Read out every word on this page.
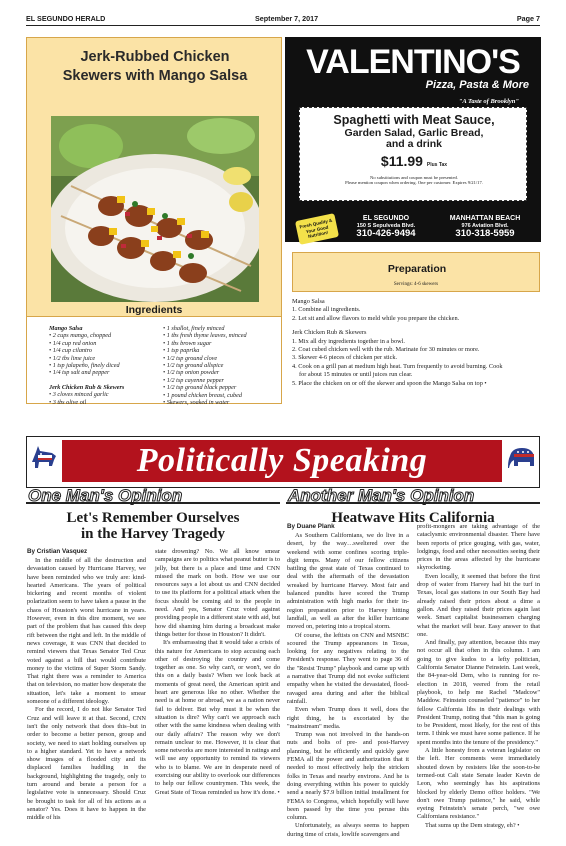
EL SEGUNDO HERALD	September 7, 2017	Page 7
Jerk-Rubbed Chicken
Skewers with Mango Salsa
Ingredients
Mango Salsa
• 2 cups mango, chopped
• 1/4 cup red onion
• 1/4 cup cilantro
• 1/2 tbs lime juice
• 1 tsp jalapeño, finely diced
• 1/4 tsp salt and pepper
Jerk Chicken Rub & Skewers
• 3 cloves minced garlic
• 3 tbs olive oil
• 1 shallot, finely minced
• 1 tbs fresh thyme leaves, minced
• 1 tbs brown sugar
• 1 tsp paprika
• 1/2 tsp ground clove
• 1/2 tsp ground allspice
• 1/2 tsp onion powder
• 1/2 tsp cayenne pepper
• 1/2 tsp ground black pepper
• 1 pound chicken breast, cubed
• Skewers, soaked in water
VALENTINO'S
Pizza, Pasta & More
"A Taste of Brooklyn"
Spaghetti with Meat Sauce,
Garden Salad, Garlic Bread,
and a drink
$11.99 Plus Tax
No substitutions and coupon must be presented.
Please mention coupon when ordering. One per customer. Expires 9/21/17.
Fresh Quality & Your Good Nutrition!
EL SEGUNDO
150 S Sepulveda Blvd.
310-426-9494
MANHATTAN BEACH
976 Aviation Blvd.
310-318-5959
Preparation
Servings: 4-6 skewers
Mango Salsa
1. Combine all ingredients.
2. Let sit and allow flavors to meld while you prepare the chicken.
Jerk Chicken Rub & Skewers
1. Mix all dry ingredients together in a bowl.
2. Coat cubed chicken well with the rub. Marinate for 30 minutes or more.
3. Skewer 4-6 pieces of chicken per stick.
4. Cook on a grill pan at medium high heat. Turn frequently to avoid burning. Cook
for about 15 minutes or until juices run clear.
5. Place the chicken on or off the skewer and spoon the Mango Salsa on top •
Politically Speaking
One Man's Opinion	Another Man's Opinion
Let's Remember Ourselves
in the Harvey Tragedy
By Cristian Vasquez

In the middle of all the destruction and devastation caused by Hurricane Harvey, we have been reminded who we truly are: kind-hearted Americans. The years of political bickering and recent months of violent polarization seem to have taken a pause in the chaos of Houston's worst hurricane in years. However, even in this dire moment, we see part of the problem that has caused this deep rift between the right and left. In the middle of news coverage, it was CNN that decided to remind viewers that Texas Senator Ted Cruz voted against a bill that would contribute money to the victims of Super Storm Sandy. That right there was a reminder to America that on television, no matter how desperate the situation, let's take a moment to smear someone of a different ideology.

For the record, I do not like Senator Ted Cruz and will leave it at that. Second, CNN isn't the only network that does this–but in order to become a better person, group and society, we need to start holding ourselves up to a higher standard. Yet to have a network show images of a flooded city and its displaced families huddling in the background, highlighting the tragedy, only to turn around and berate a person for a legislative vote is unnecessary. Should Cruz be brought to task for all of his actions as a senator? Yes. Does it have to happen in the middle of his

state drowning? No. We all know smear campaigns are to politics what peanut butter is to jelly, but there is a place and time and CNN missed the mark on both. How we use our resources says a lot about us and CNN decided to use its platform for a political attack when the focus should be coming aid to the people in need. And yes, Senator Cruz voted against providing people in a different state with aid, but how did shaming him during a broadcast make things better for those in Houston? It didn't.

It's embarrassing that it would take a crisis of this nature for Americans to stop accusing each other of destroying the country and come together as one. So why can't, or won't, we do this on a daily basis? When we look back at moments of great need, the American spirit and heart are generous like no other. Whether the need is at home or abroad, we as a nation never fail to deliver. But why must it be when the situation is dire? Why can't we approach each other with the same kindness when dealing with our daily affairs? The reason why we don't remain unclear to me. However, it is clear that some networks are more interested in ratings and will use any opportunity to remind its viewers who is to blame. We are in desperate need of exercising our ability to overlook our differences to help our fellow countrymen. This week, the Great State of Texas reminded us how it's done. •

Heatwave Hits California
By Duane Plank

As Southern Californians, we do live in a desert, by the way…sweltered over the weekend with some confines scoring triple-digit temps. Many of our fellow citizens battling the great state of Texas continued to deal with the aftermath of the devastation wreaked by hurricane Harvey. Most fair and balanced pundits have scored the Trump administration with high marks for their in-region preparation prior to Harvey hitting landfall, as well as after the killer hurricane moved on, petering into a tropical storm.

Of course, the leftists on CNN and MSNBC scoured the Trump appearances in Texas, looking for any negatives relating to the President's response. They went to page 36 of the "Resist Trump" playbook and came up with a narrative that Trump did not evoke sufficient empathy when he visited the devastated, flood-ravaged area during and after the biblical rainfall.

Even when Trump does it well, does the right thing, he is excoriated by the "mainstream" media.

Trump was not involved in the hands-on nuts and bolts of pre- and post-Harvey planning, but he efficiently and quickly gave FEMA all the power and authorization that it needed to most effectively help the stricken folks in Texas and nearby environs. And he is doing everything within his power to quickly send a nearly $7.9 billion initial installment for FEMA to Congress, which hopefully will have been passed by the time you peruse this column.

Unfortunately, as always seems to happen during time of crisis, lowlife scavengers and

profit-mongers are taking advantage of the cataclysmic environmental disaster. There have been reports of price gouging, with gas, water, lodgings, food and other necessities seeing their prices in the areas affected by the hurricane skyrocketing.

Even locally, it seemed that before the first drop of water from Harvey had hit the turf in Texas, local gas stations in our South Bay had already raised their prices about a dime a gallon. And they raised their prices again last week. Smart capitalist businessmen charging what the market will bear. Easy answer to that one.

And finally, pay attention, because this may not occur all that often in this column. I am going to give kudos to a lefty politician, California Senator Dianne Feinstein. Last week, the 84-year-old Dem, who is running for re-election in 2018, veered from the retail playbook, to help me Rachel "Madcow" Maddow. Feinstein counseled "patience" to her fellow California libs in their dealings with President Trump, noting that "this man is going to be President, most likely, for the rest of this term. I think we must have some patience. If he spent months into the tenure of the presidency."

A little honesty from a veteran legislator on the left. Her comments were immediately shouted down by resisters like the soon-to-be termed-out Cali state Senate leader Kevin de Leon, who seemingly has his aspirations blocked by elderly Demo office holders. "We don't owe Trump patience," he said, while eyeing Feinstein's senate perch, "we owe Californians resistance."

That sums up the Dem strategy, eh? •
